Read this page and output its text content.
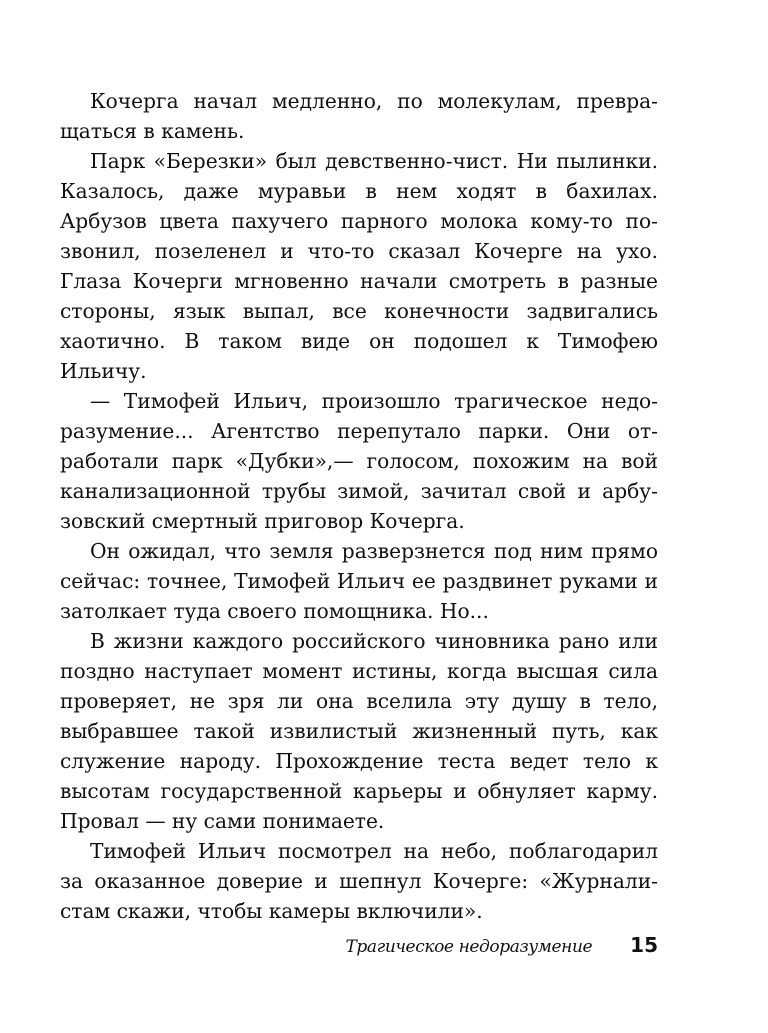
Кочерга начал медленно, по молекулам, превращаться в камень.

Парк «Березки» был девственно-чист. Ни пылинки. Казалось, даже муравьи в нем ходят в бахилах. Арбузов цвета пахучего парного молока кому-то позвонил, позеленел и что-то сказал Кочерге на ухо. Глаза Кочерги мгновенно начали смотреть в разные стороны, язык выпал, все конечности задвигались хаотично. В таком виде он подошел к Тимофею Ильичу.

— Тимофей Ильич, произошло трагическое недоразумение... Агентство перепутало парки. Они отработали парк «Дубки»,— голосом, похожим на вой канализационной трубы зимой, зачитал свой и арбузовский смертный приговор Кочерга.

Он ожидал, что земля разверзнется под ним прямо сейчас: точнее, Тимофей Ильич ее раздвинет руками и затолкает туда своего помощника. Но...

В жизни каждого российского чиновника рано или поздно наступает момент истины, когда высшая сила проверяет, не зря ли она вселила эту душу в тело, выбравшее такой извилистый жизненный путь, как служение народу. Прохождение теста ведет тело к высотам государственной карьеры и обнуляет карму. Провал — ну сами понимаете.

Тимофей Ильич посмотрел на небо, поблагодарил за оказанное доверие и шепнул Кочерге: «Журналистам скажи, чтобы камеры включили».

Трагическое недоразумение 15
